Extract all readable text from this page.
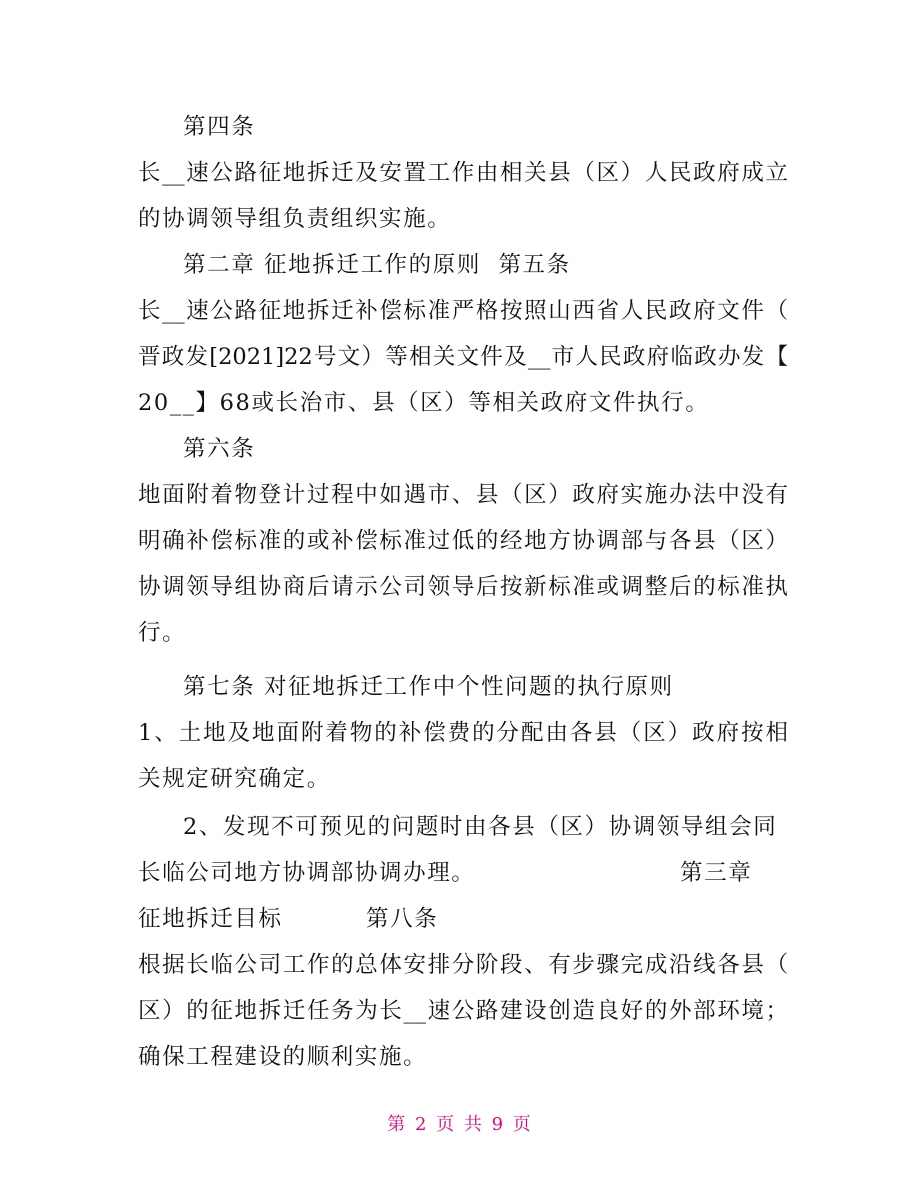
第四条
长__速公路征地拆迁及安置工作由相关县（区）人民政府成立
的协调领导组负责组织实施。
第二章 征地拆迁工作的原则  第五条
长__速公路征地拆迁补偿标准严格按照山西省人民政府文件（
晋政发[2021]22号文）等相关文件及__市人民政府临政办发【
20__】68或长治市、县（区）等相关政府文件执行。
第六条
地面附着物登计过程中如遇市、县（区）政府实施办法中没有
明确补偿标准的或补偿标准过低的经地方协调部与各县（区）
协调领导组协商后请示公司领导后按新标准或调整后的标准执
行。
第七条 对征地拆迁工作中个性问题的执行原则
1、土地及地面附着物的补偿费的分配由各县（区）政府按相
关规定研究确定。
2、发现不可预见的问题时由各县（区）协调领导组会同
长临公司地方协调部协调办理。	第三章
征地拆迁目标	第八条
根据长临公司工作的总体安排分阶段、有步骤完成沿线各县（
区）的征地拆迁任务为长__速公路建设创造良好的外部环境；
确保工程建设的顺利实施。
第 2 页 共 9 页
